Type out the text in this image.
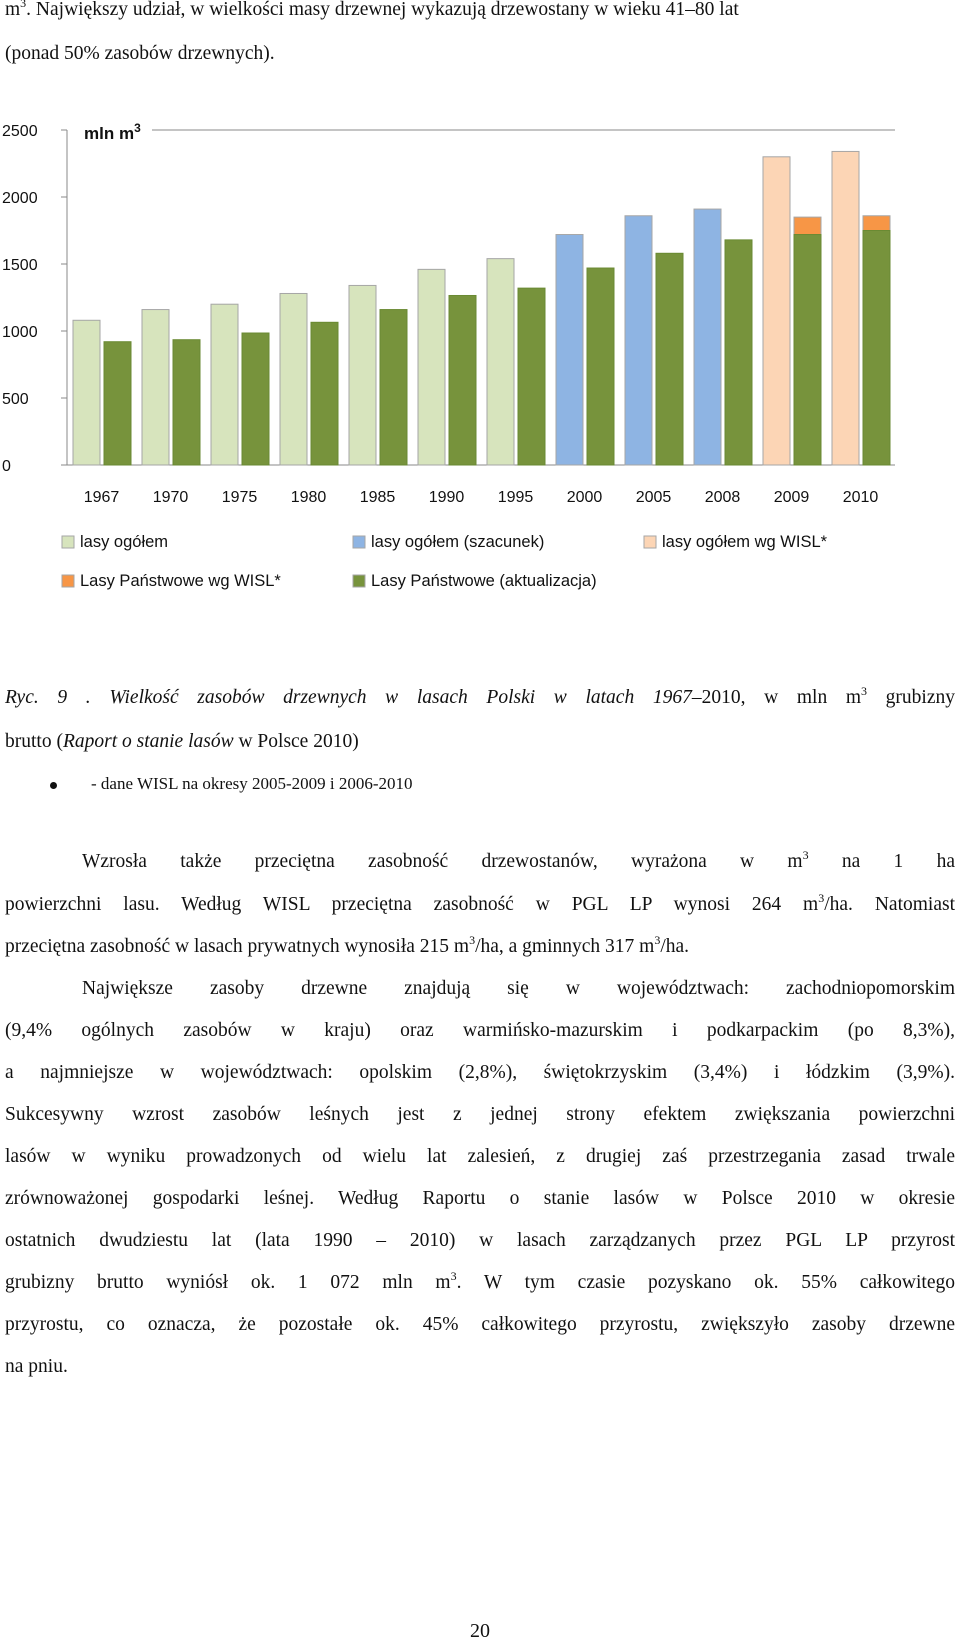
$m^3$. Największy udział, w wielkości masy drzewnej wykazują drzewostany w wieku 41–80 lat
(ponad 50% zasobów drzewnych).
0
500
1000
1500
2000
2500
1967 1970 1975 1980 1985 1990 1995 2000 2005 2008 2009 2010
mln $m^3$
lasy ogółem	lasy ogółem (szacunek)	lasy ogółem wg WISL*
Lasy Państwowe wg WISL*	Lasy Państwowe (aktualizacja)
Ryc. 9 . Wielkość zasobów drzewnych w lasach Polski w latach 1967–2010, w mln $m^3$ grubizny
brutto (Raport o stanie lasów w Polsce 2010)
- dane WISL na okresy 2005-2009 i 2006-2010
Wzrosła także przeciętna zasobność drzewostanów, wyrażona w $m^3$ na 1 ha
powierzchni lasu. Według WISL przeciętna zasobność w PGL LP wynosi 264 $m^3/ha$. Natomiast
przeciętna zasobność w lasach prywatnych wynosiła 215 $m^3/ha$, a gminnych 317 $m^3/ha$.
Największe zasoby drzewne znajdują się w województwach: zachodniopomorskim
(9,4% ogólnych zasobów w kraju) oraz warmińsko-mazurskim i podkarpackim (po 8,3%),
a najmniejsze w województwach: opolskim (2,8%), świętokrzyskim (3,4%) i łódzkim (3,9%).
Sukcesywny wzrost zasobów leśnych jest z jednej strony efektem zwiększania powierzchni
lasów w wyniku prowadzonych od wielu lat zalesień, z drugiej zaś przestrzegania zasad trwale
zrównoważonej gospodarki leśnej. Według Raportu o stanie lasów w Polsce 2010 w okresie
ostatnich dwudziestu lat (lata 1990 – 2010) w lasach zarządzanych przez PGL LP przyrost
grubizny brutto wyniósł ok. 1 072 mln $m^3$. W tym czasie pozyskano ok. 55% całkowitego
przyrostu, co oznacza, że pozostałe ok. 45% całkowitego przyrostu, zwiększyło zasoby drzewne
na pniu.
20
